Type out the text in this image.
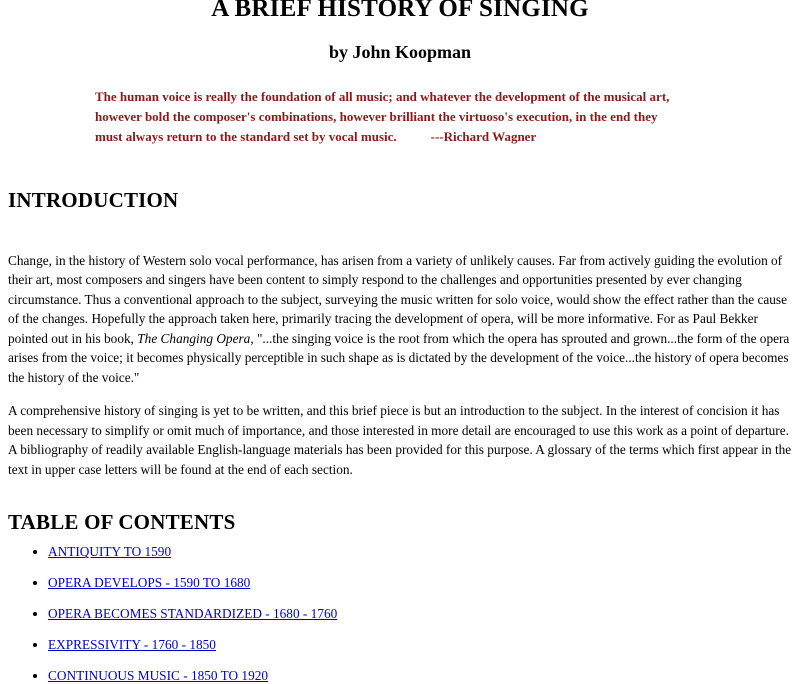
A BRIEF HISTORY OF SINGING
by John Koopman
The human voice is really the foundation of all music; and whatever the development of the musical art, however bold the composer's combinations, however brilliant the virtuoso's execution, in the end they must always return to the standard set by vocal music.	---Richard Wagner
INTRODUCTION

Change, in the history of Western solo vocal performance, has arisen from a variety of unlikely causes. Far from actively guiding the evolution of their art, most composers and singers have been content to simply respond to the challenges and opportunities presented by ever changing circumstance. Thus a conventional approach to the subject, surveying the music written for solo voice, would show the effect rather than the cause of the changes. Hopefully the approach taken here, primarily tracing the development of opera, will be more informative. For as Paul Bekker pointed out in his book, The Changing Opera, "...the singing voice is the root from which the opera has sprouted and grown...the form of the opera arises from the voice; it becomes physically perceptible in such shape as is dictated by the development of the voice...the history of opera becomes the history of the voice."

A comprehensive history of singing is yet to be written, and this brief piece is but an introduction to the subject. In the interest of concision it has been necessary to simplify or omit much of importance, and those interested in more detail are encouraged to use this work as a point of departure. A bibliography of readily available English-language materials has been provided for this purpose. A glossary of the terms which first appear in the text in upper case letters will be found at the end of each section.

TABLE OF CONTENTS
• ANTIQUITY TO 1590
• OPERA DEVELOPS - 1590 TO 1680
• OPERA BECOMES STANDARDIZED - 1680 - 1760
• EXPRESSIVITY - 1760 - 1850
• CONTINUOUS MUSIC - 1850 TO 1920
